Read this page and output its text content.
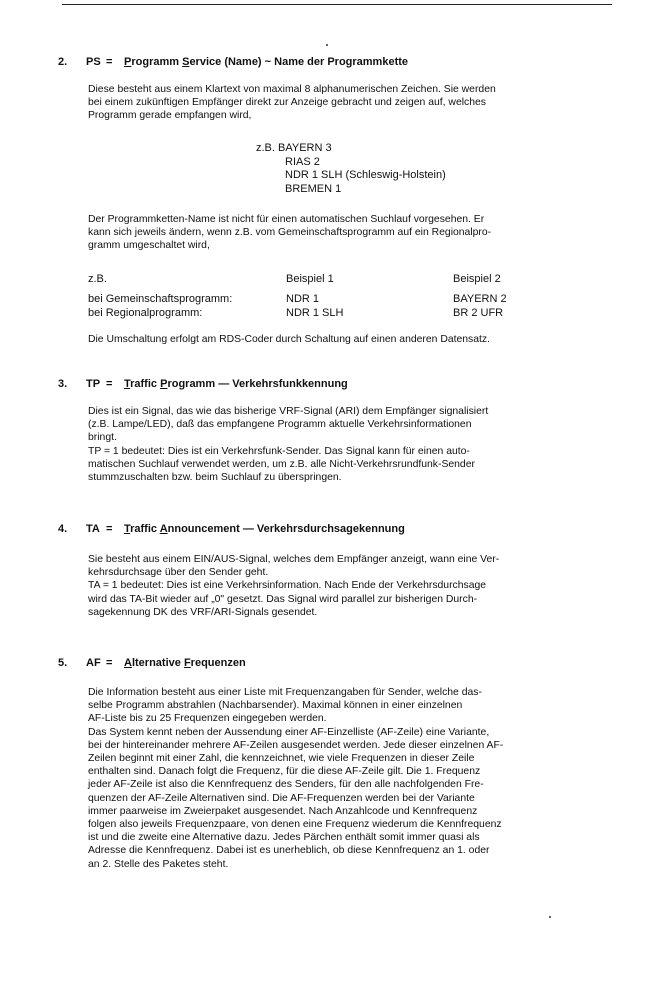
2. PS = Programm Service (Name) ~ Name der Programmkette
Diese besteht aus einem Klartext von maximal 8 alphanumerischen Zeichen. Sie werden
bei einem zukünftigen Empfänger direkt zur Anzeige gebracht und zeigen auf, welches
Programm gerade empfangen wird,
z.B. BAYERN 3
RIAS 2
NDR 1 SLH (Schleswig-Holstein)
BREMEN 1
Der Programmketten-Name ist nicht für einen automatischen Suchlauf vorgesehen. Er
kann sich jeweils ändern, wenn z.B. vom Gemeinschaftsprogramm auf ein Regionalpro-
gramm umgeschaltet wird,
z.B.	Beispiel 1	Beispiel 2
bei Gemeinschaftsprogramm:	NDR 1	BAYERN 2
bei Regionalprogramm:	NDR 1 SLH	BR 2 UFR
Die Umschaltung erfolgt am RDS-Coder durch Schaltung auf einen anderen Datensatz.
3. TP = Traffic Programm — Verkehrsfunkkennung
Dies ist ein Signal, das wie das bisherige VRF-Signal (ARI) dem Empfänger signalisiert
(z.B. Lampe/LED), daß das empfangene Programm aktuelle Verkehrsinformationen
bringt.
TP = 1 bedeutet: Dies ist ein Verkehrsfunk-Sender. Das Signal kann für einen auto-
matischen Suchlauf verwendet werden, um z.B. alle Nicht-Verkehrsrundfunk-Sender
stummzuschalten bzw. beim Suchlauf zu überspringen.
4. TA = Traffic Announcement — Verkehrsdurchsagekennung
Sie besteht aus einem EIN/AUS-Signal, welches dem Empfänger anzeigt, wann eine Ver-
kehrsdurchsage über den Sender geht.
TA = 1 bedeutet: Dies ist eine Verkehrsinformation. Nach Ende der Verkehrsdurchsage
wird das TA-Bit wieder auf „0" gesetzt. Das Signal wird parallel zur bisherigen Durch-
sagekennung DK des VRF/ARI-Signals gesendet.
5. AF = Alternative Frequenzen
Die Information besteht aus einer Liste mit Frequenzangaben für Sender, welche das-
selbe Programm abstrahlen (Nachbarsender). Maximal können in einer einzelnen
AF-Liste bis zu 25 Frequenzen eingegeben werden.
Das System kennt neben der Aussendung einer AF-Einzelliste (AF-Zeile) eine Variante,
bei der hintereinander mehrere AF-Zeilen ausgesendet werden. Jede dieser einzelnen AF-
Zeilen beginnt mit einer Zahl, die kennzeichnet, wie viele Frequenzen in dieser Zeile
enthalten sind. Danach folgt die Frequenz, für die diese AF-Zeile gilt. Die 1. Frequenz
jeder AF-Zeile ist also die Kennfrequenz des Senders, für den alle nachfolgenden Fre-
quenzen der AF-Zeile Alternativen sind. Die AF-Frequenzen werden bei der Variante
immer paarweise im Zweierpaket ausgesendet. Nach Anzahlcode und Kennfrequenz
folgen also jeweils Frequenzpaare, von denen eine Frequenz wiederum die Kennfrequenz
ist und die zweite eine Alternative dazu. Jedes Pärchen enthält somit immer quasi als
Adresse die Kennfrequenz. Dabei ist es unerheblich, ob diese Kennfrequenz an 1. oder
an 2. Stelle des Paketes steht.
